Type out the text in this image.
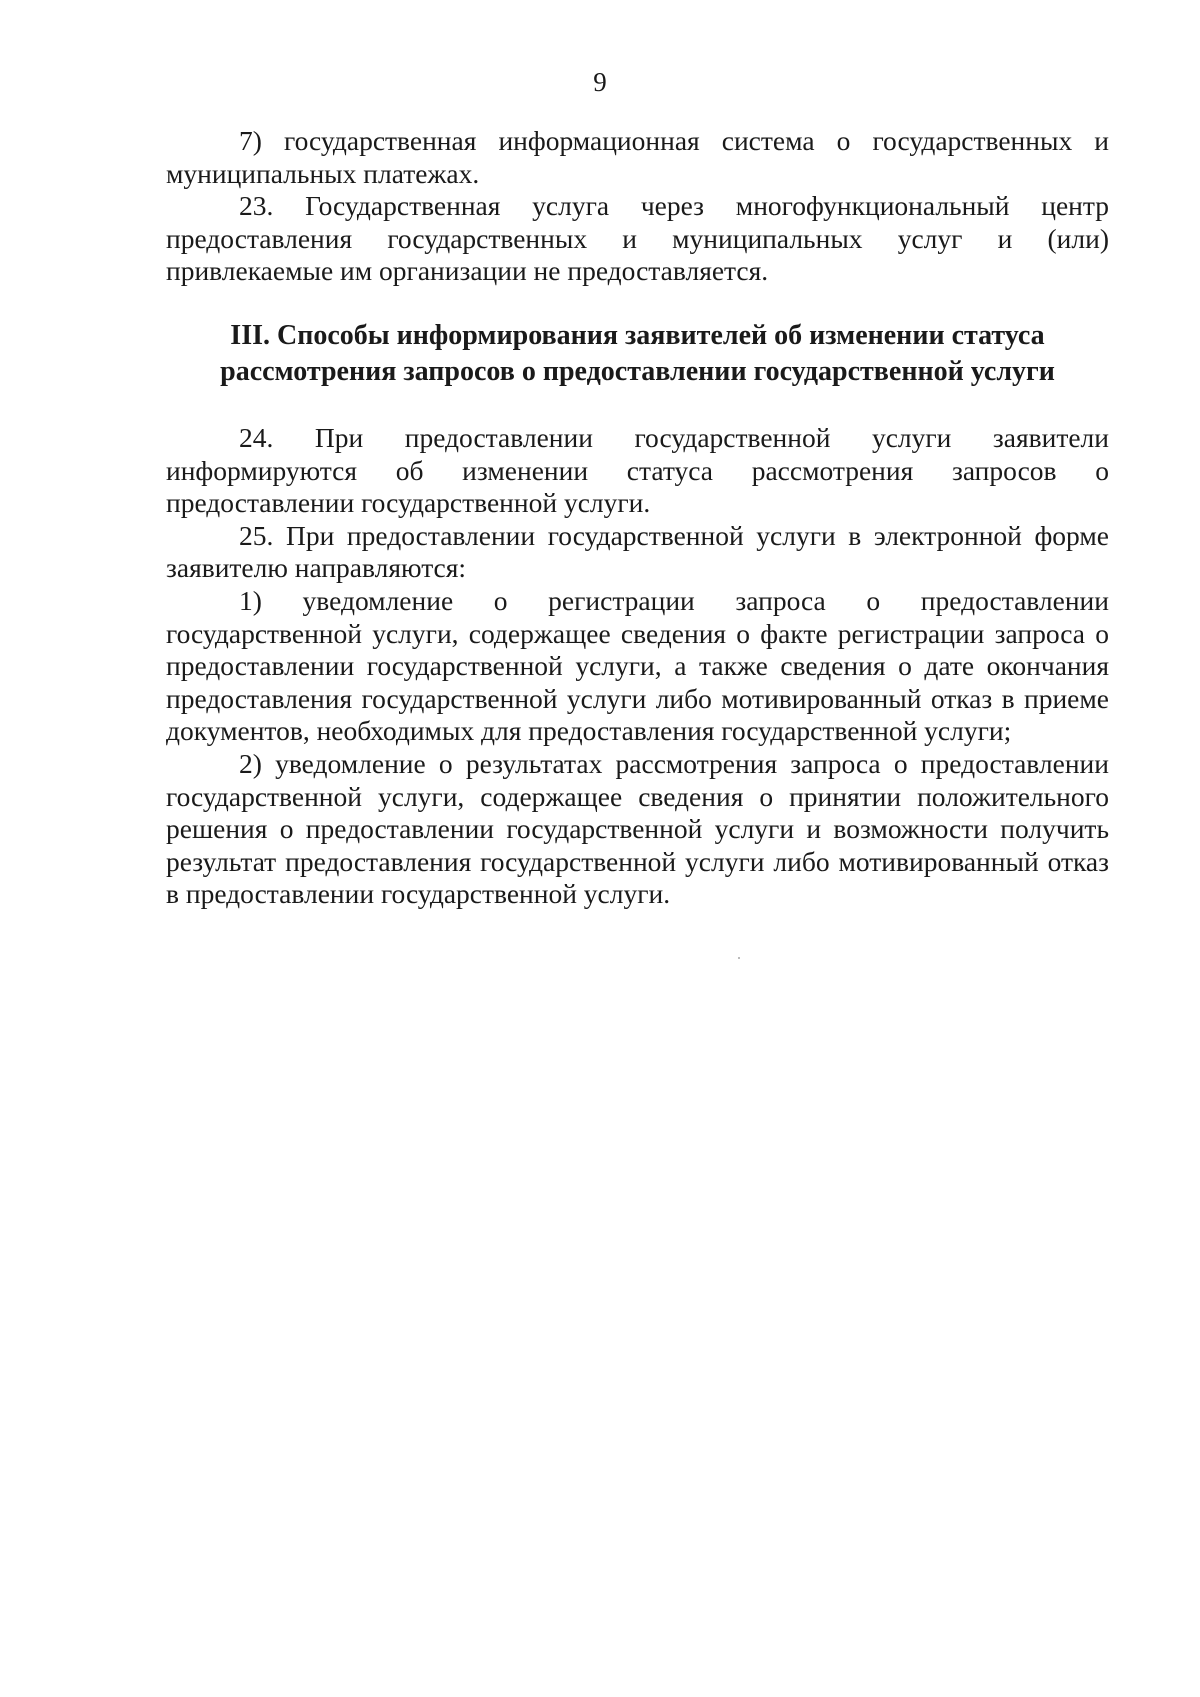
9

7) государственная информационная система о государственных и муниципальных платежах.

23. Государственная услуга через многофункциональный центр предоставления государственных и муниципальных услуг и (или) привлекаемые им организации не предоставляется.

III. Способы информирования заявителей об изменении статуса
рассмотрения запросов о предоставлении государственной услуги

24. При предоставлении государственной услуги заявители информируются об изменении статуса рассмотрения запросов о предоставлении государственной услуги.

25. При предоставлении государственной услуги в электронной форме заявителю направляются:

1) уведомление о регистрации запроса о предоставлении государственной услуги, содержащее сведения о факте регистрации запроса о предоставлении государственной услуги, а также сведения о дате окончания предоставления государственной услуги либо мотивированный отказ в приеме документов, необходимых для предоставления государственной услуги;

2) уведомление о результатах рассмотрения запроса о предоставлении государственной услуги, содержащее сведения о принятии положительного решения о предоставлении государственной услуги и возможности получить результат предоставления государственной услуги либо мотивированный отказ в предоставлении государственной услуги.
